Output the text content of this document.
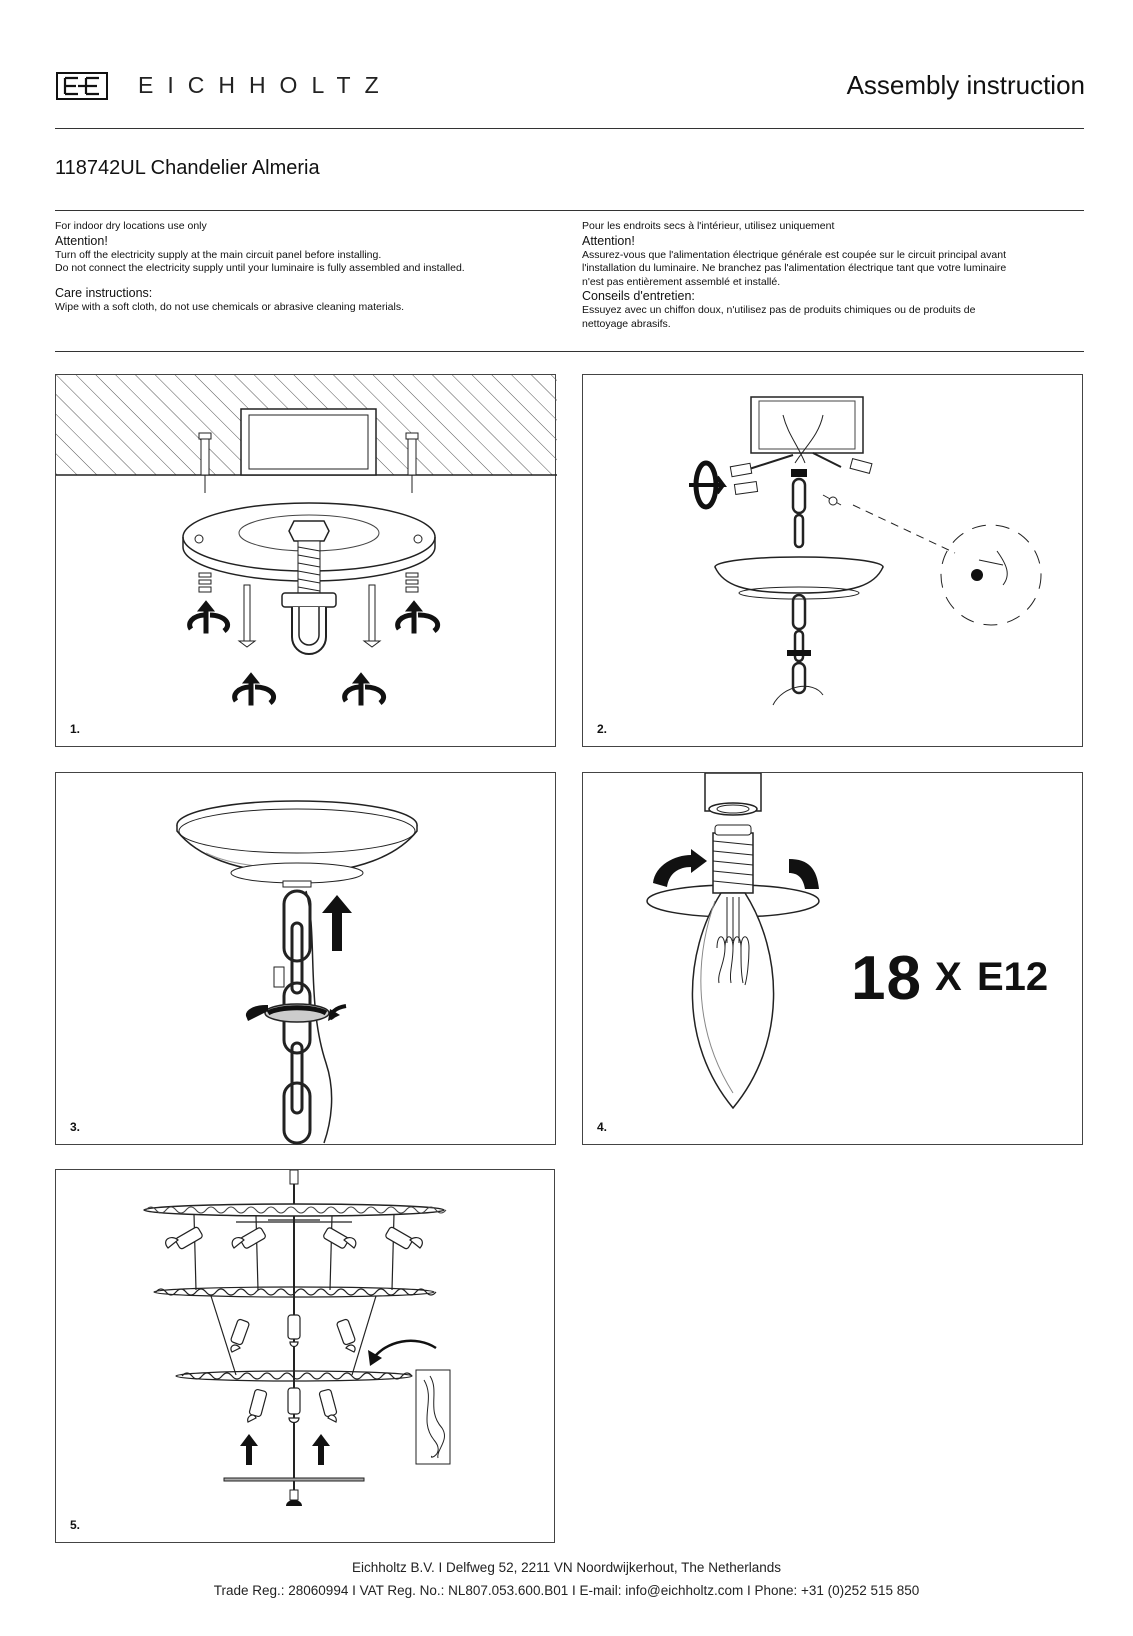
EICHHOLTZ	Assembly instruction
118742UL Chandelier Almeria

For indoor dry locations use only

Attention!

Turn off the electricity supply at the main circuit panel before installing.

Do not connect the electricity supply until your luminaire is fully assembled and installed.

Care instructions:

Wipe with a soft cloth, do not use chemicals or abrasive cleaning materials.

Pour les endroits secs à l'intérieur, utilisez uniquement

Attention!

Assurez-vous que l'alimentation électrique générale est coupée sur le circuit principal avant

l'installation du luminaire. Ne branchez pas l'alimentation électrique tant que votre luminaire

n'est pas entièrement assemblé et installé.

Conseils d'entretien:

Essuyez avec un chiffon doux, n'utilisez pas de produits chimiques ou de produits de

nettoyage abrasifs.

1.	2.
3.
18 X E12
4.
5.
Eichholtz B.V. I Delfweg 52, 2211 VN Noordwijkerhout, The Netherlands
Trade Reg.: 28060994 I VAT Reg. No.: NL807.053.600.B01 I E-mail: info@eichholtz.com I Phone: +31 (0)252 515 850
